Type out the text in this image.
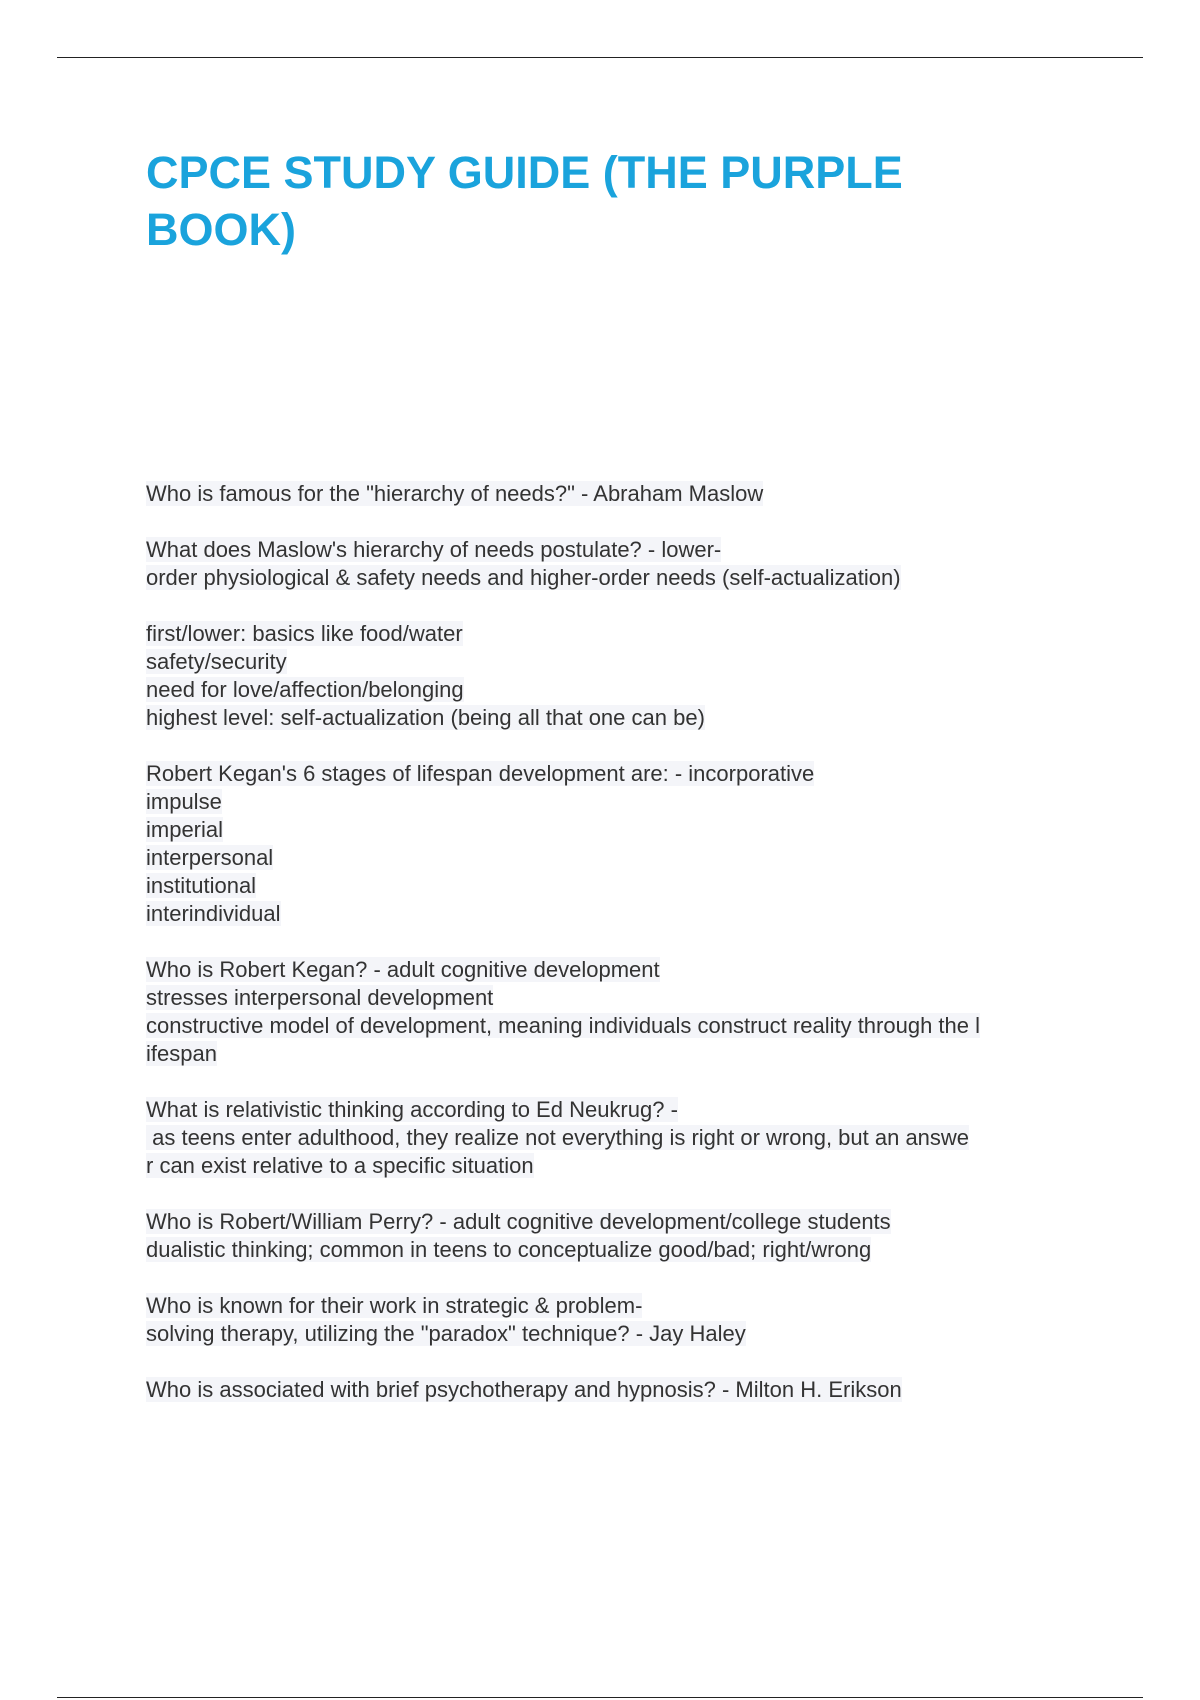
CPCE STUDY GUIDE (THE PURPLE
BOOK)

Who is famous for the "hierarchy of needs?" - Abraham Maslow

What does Maslow's hierarchy of needs postulate? - lower-
order physiological & safety needs and higher-order needs (self-actualization)

first/lower: basics like food/water
safety/security
need for love/affection/belonging
highest level: self-actualization (being all that one can be)

Robert Kegan's 6 stages of lifespan development are: - incorporative
impulse
imperial
interpersonal
institutional
interindividual

Who is Robert Kegan? - adult cognitive development
stresses interpersonal development
constructive model of development, meaning individuals construct reality through the l
ifespan

What is relativistic thinking according to Ed Neukrug? -
as teens enter adulthood, they realize not everything is right or wrong, but an answe
r can exist relative to a specific situation

Who is Robert/William Perry? - adult cognitive development/college students
dualistic thinking; common in teens to conceptualize good/bad; right/wrong

Who is known for their work in strategic & problem-
solving therapy, utilizing the "paradox" technique? - Jay Haley

Who is associated with brief psychotherapy and hypnosis? - Milton H. Erikson
